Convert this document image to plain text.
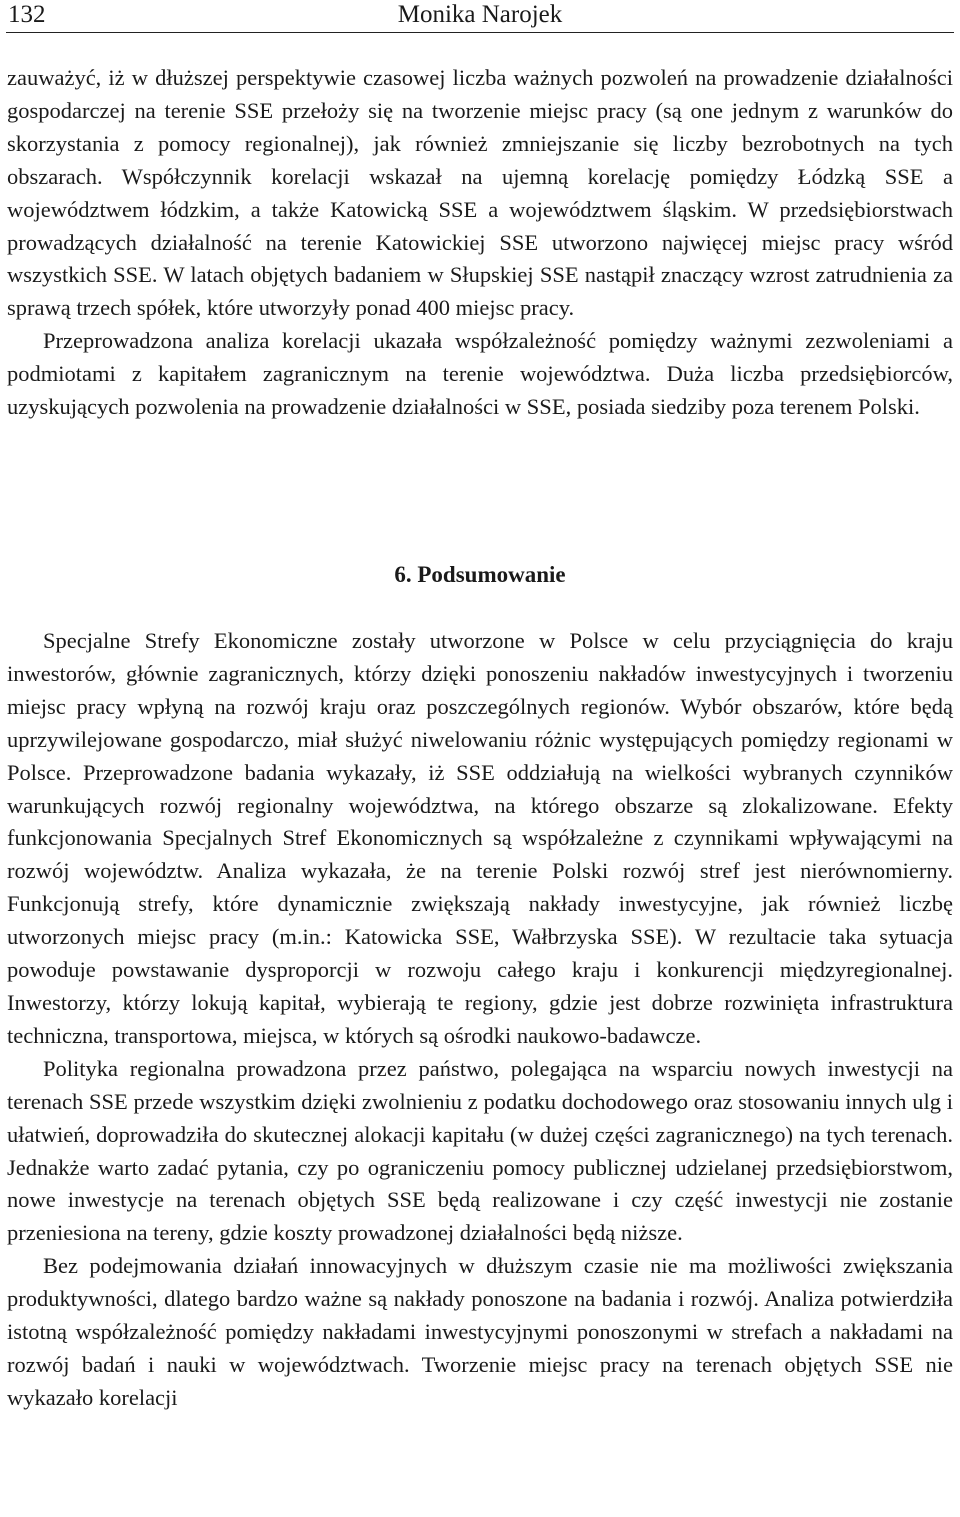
132	Monika Narojek

zauważyć, iż w dłuższej perspektywie czasowej liczba ważnych pozwoleń na prowadzenie działalności gospodarczej na terenie SSE przełoży się na tworzenie miejsc pracy (są one jednym z warunków do skorzystania z pomocy regionalnej), jak również zmniejszanie się liczby bezrobotnych na tych obszarach. Współczynnik korelacji wskazał na ujemną korelację pomiędzy Łódzką SSE a województwem łódzkim, a także Katowicką SSE a województwem śląskim. W przedsiębiorstwach prowadzących działalność na terenie Katowickiej SSE utworzono najwięcej miejsc pracy wśród wszystkich SSE. W latach objętych badaniem w Słupskiej SSE nastąpił znaczący wzrost zatrudnienia za sprawą trzech spółek, które utworzyły ponad 400 miejsc pracy.

Przeprowadzona analiza korelacji ukazała współzależność pomiędzy ważnymi zezwoleniami a podmiotami z kapitałem zagranicznym na terenie województwa. Duża liczba przedsiębiorców, uzyskujących pozwolenia na prowadzenie działalności w SSE, posiada siedziby poza terenem Polski.

6. Podsumowanie

Specjalne Strefy Ekonomiczne zostały utworzone w Polsce w celu przyciągnięcia do kraju inwestorów, głównie zagranicznych, którzy dzięki ponoszeniu nakładów inwestycyjnych i tworzeniu miejsc pracy wpłyną na rozwój kraju oraz poszczególnych regionów. Wybór obszarów, które będą uprzywilejowane gospodarczo, miał służyć niwelowaniu różnic występujących pomiędzy regionami w Polsce. Przeprowadzone badania wykazały, iż SSE oddziałują na wielkości wybranych czynników warunkujących rozwój regionalny województwa, na którego obszarze są zlokalizowane. Efekty funkcjonowania Specjalnych Stref Ekonomicznych są współzależne z czynnikami wpływającymi na rozwój województw. Analiza wykazała, że na terenie Polski rozwój stref jest nierównomierny. Funkcjonują strefy, które dynamicznie zwiększają nakłady inwestycyjne, jak również liczbę utworzonych miejsc pracy (m.in.: Katowicka SSE, Wałbrzyska SSE). W rezultacie taka sytuacja powoduje powstawanie dysproporcji w rozwoju całego kraju i konkurencji międzyregionalnej. Inwestorzy, którzy lokują kapitał, wybierają te regiony, gdzie jest dobrze rozwinięta infrastruktura techniczna, transportowa, miejsca, w których są ośrodki naukowo-badawcze.

Polityka regionalna prowadzona przez państwo, polegająca na wsparciu nowych inwestycji na terenach SSE przede wszystkim dzięki zwolnieniu z podatku dochodowego oraz stosowaniu innych ulg i ułatwień, doprowadziła do skutecznej alokacji kapitału (w dużej części zagranicznego) na tych terenach. Jednakże warto zadać pytania, czy po ograniczeniu pomocy publicznej udzielanej przedsiębiorstwom, nowe inwestycje na terenach objętych SSE będą realizowane i czy część inwestycji nie zostanie przeniesiona na tereny, gdzie koszty prowadzonej działalności będą niższe.

Bez podejmowania działań innowacyjnych w dłuższym czasie nie ma możliwości zwiększania produktywności, dlatego bardzo ważne są nakłady ponoszone na badania i rozwój. Analiza potwierdziła istotną współzależność pomiędzy nakładami inwestycyjnymi ponoszonymi w strefach a nakładami na rozwój badań i nauki w województwach. Tworzenie miejsc pracy na terenach objętych SSE nie wykazało korelacji
